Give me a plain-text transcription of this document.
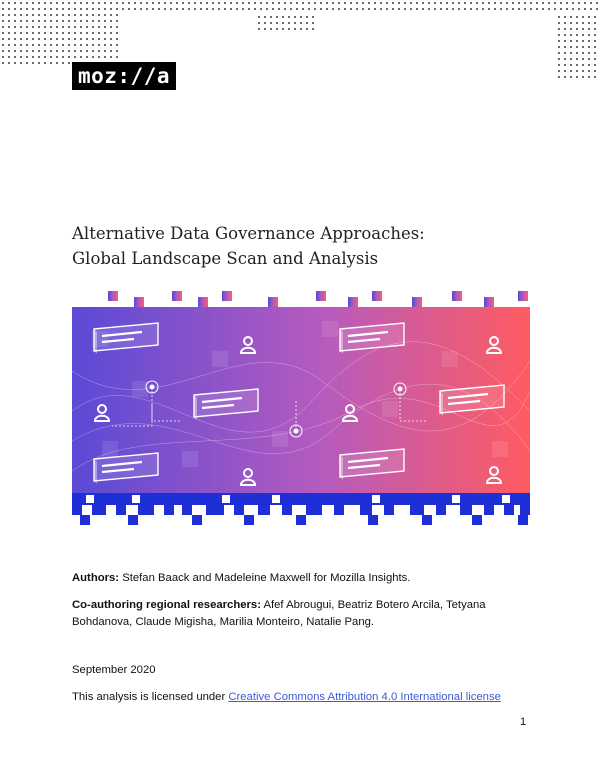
moz://a
Alternative Data Governance Approaches:
Global Landscape Scan and Analysis
Authors: Stefan Baack and Madeleine Maxwell for Mozilla Insights.
Co-authoring regional researchers: Afef Abrougui, Beatriz Botero Arcila, Tetyana Bohdanova, Claude Migisha, Marilia Monteiro, Natalie Pang.
September 2020
This analysis is licensed under Creative Commons Attribution 4.0 International license
1
